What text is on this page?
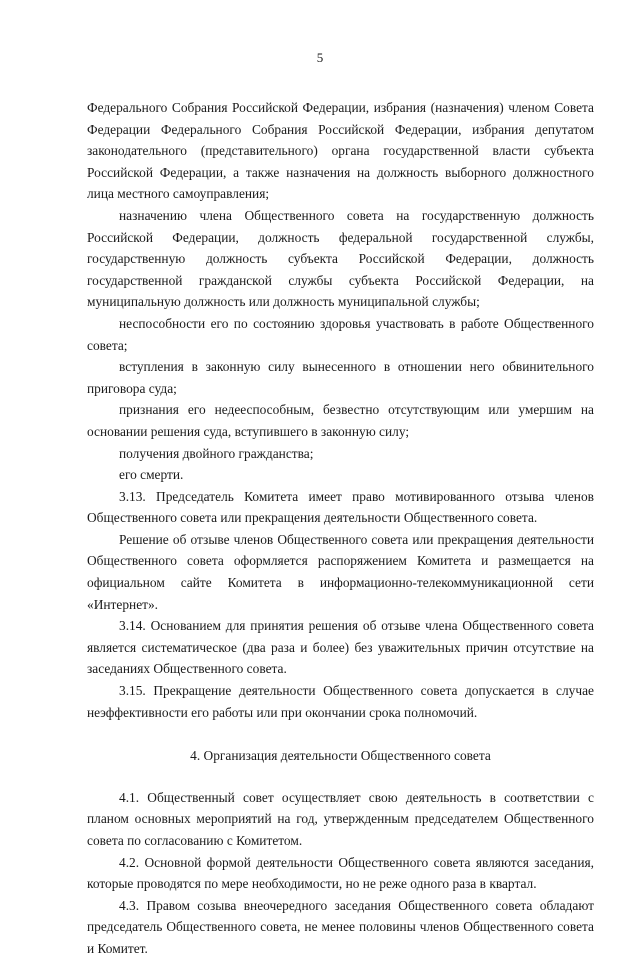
5

Федерального Собрания Российской Федерации, избрания (назначения) членом Совета Федерации Федерального Собрания Российской Федерации, избрания депутатом законодательного (представительного) органа государственной власти субъекта Российской Федерации, а также назначения на должность выборного должностного лица местного самоуправления;

назначению члена Общественного совета на государственную должность Российской Федерации, должность федеральной государственной службы, государственную должность субъекта Российской Федерации, должность государственной гражданской службы субъекта Российской Федерации, на муниципальную должность или должность муниципальной службы;

неспособности его по состоянию здоровья участвовать в работе Общественного совета;

вступления в законную силу вынесенного в отношении него обвинительного приговора суда;

признания его недееспособным, безвестно отсутствующим или умершим на основании решения суда, вступившего в законную силу;

получения двойного гражданства;

его смерти.

3.13. Председатель Комитета имеет право мотивированного отзыва членов Общественного совета или прекращения деятельности Общественного совета.

Решение об отзыве членов Общественного совета или прекращения деятельности Общественного совета оформляется распоряжением Комитета и размещается на официальном сайте Комитета в информационно-телекоммуникационной сети «Интернет».

3.14. Основанием для принятия решения об отзыве члена Общественного совета является систематическое (два раза и более) без уважительных причин отсутствие на заседаниях Общественного совета.

3.15. Прекращение деятельности Общественного совета допускается в случае неэффективности его работы или при окончании срока полномочий.

4. Организация деятельности Общественного совета

4.1. Общественный совет осуществляет свою деятельность в соответствии с планом основных мероприятий на год, утвержденным председателем Общественного совета по согласованию с Комитетом.

4.2. Основной формой деятельности Общественного совета являются заседания, которые проводятся по мере необходимости, но не реже одного раза в квартал.

4.3. Правом созыва внеочередного заседания Общественного совета обладают председатель Общественного совета, не менее половины членов Общественного совета и Комитет.
